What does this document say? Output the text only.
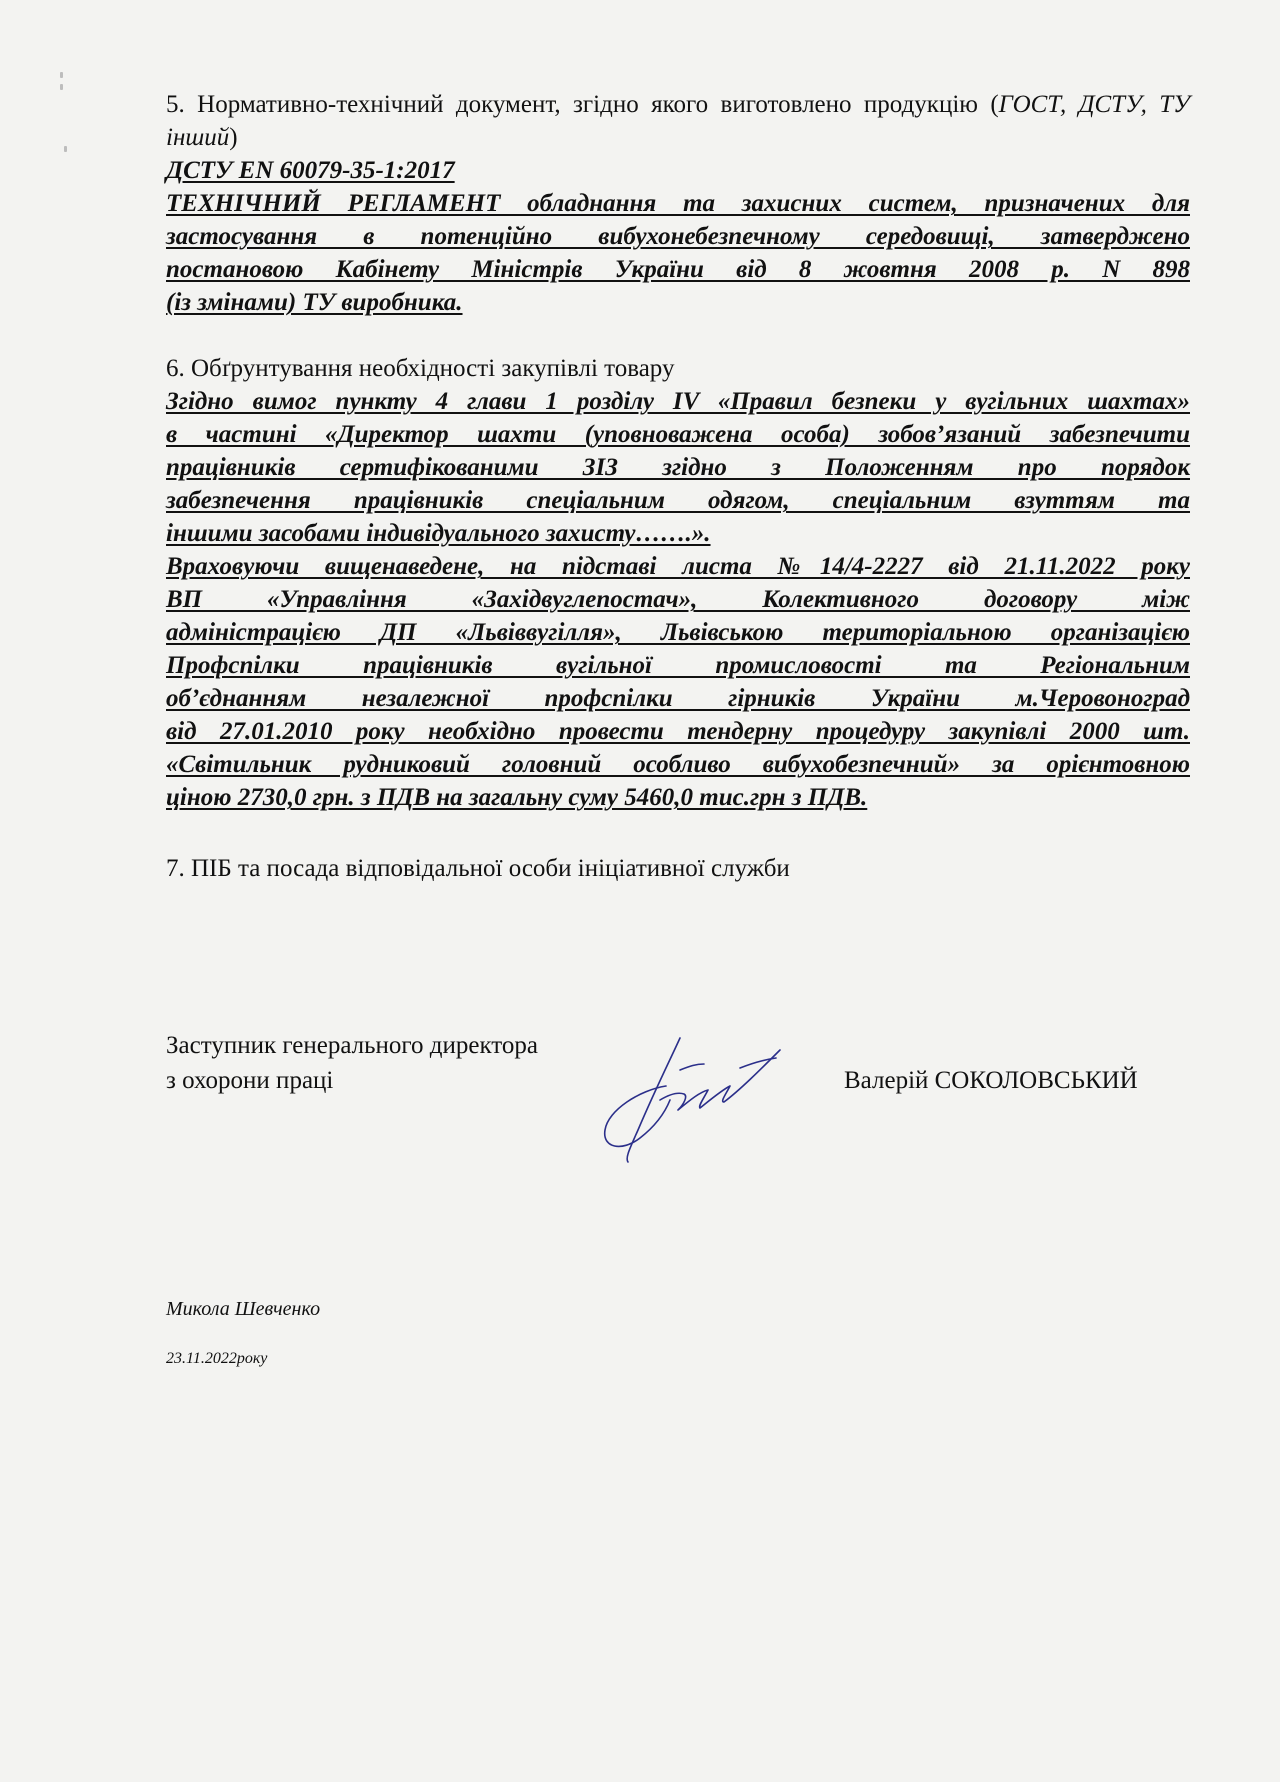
5. Нормативно-технічний документ, згідно якого виготовлено продукцію (ГОСТ, ДСТУ, ТУ інший)

ДСТУ EN 60079-35-1:2017

ТЕХНІЧНИЙ РЕГЛАМЕНТ обладнання та захисних систем, призначених для

застосування в потенційно вибухонебезпечному середовищі, затверджено

постановою Кабінету Міністрів України від 8 жовтня 2008 р. N 898

(із змінами) ТУ виробника.

6. Обґрунтування необхідності закупівлі товару

Згідно вимог пункту 4 глави 1 розділу IV «Правил безпеки у вугільних шахтах»

в частині «Директор шахти (уповноважена особа) зобов’язаний забезпечити

працівників сертифікованими ЗІЗ згідно з Положенням про порядок

забезпечення працівників спеціальним одягом, спеціальним взуттям та

іншими засобами індивідуального захисту…….».

Враховуючи вищенаведене, на підставі листа №14/4-2227 від 21.11.2022 року

ВП «Управління «Західвуглепостач», Колективного договору між

адміністрацією ДП «Львіввугілля», Львівською територіальною організацією

Профспілки працівників вугільної промисловості та Регіональним

об’єднанням незалежної профспілки гірників України м.Черовоноград

від 27.01.2010 року необхідно провести тендерну процедуру закупівлі 2000 шт.

«Світильник рудниковий головний особливо вибухобезпечний» за орієнтовною

ціною 2730,0 грн. з ПДВ на загальну суму 5460,0 тис.грн з ПДВ.

7. ПІБ та посада відповідальної особи ініціативної служби

Заступник генерального директора
з охорони праці	Валерій СОКОЛОВСЬКИЙ
Микола Шевченко
23.11.2022року
